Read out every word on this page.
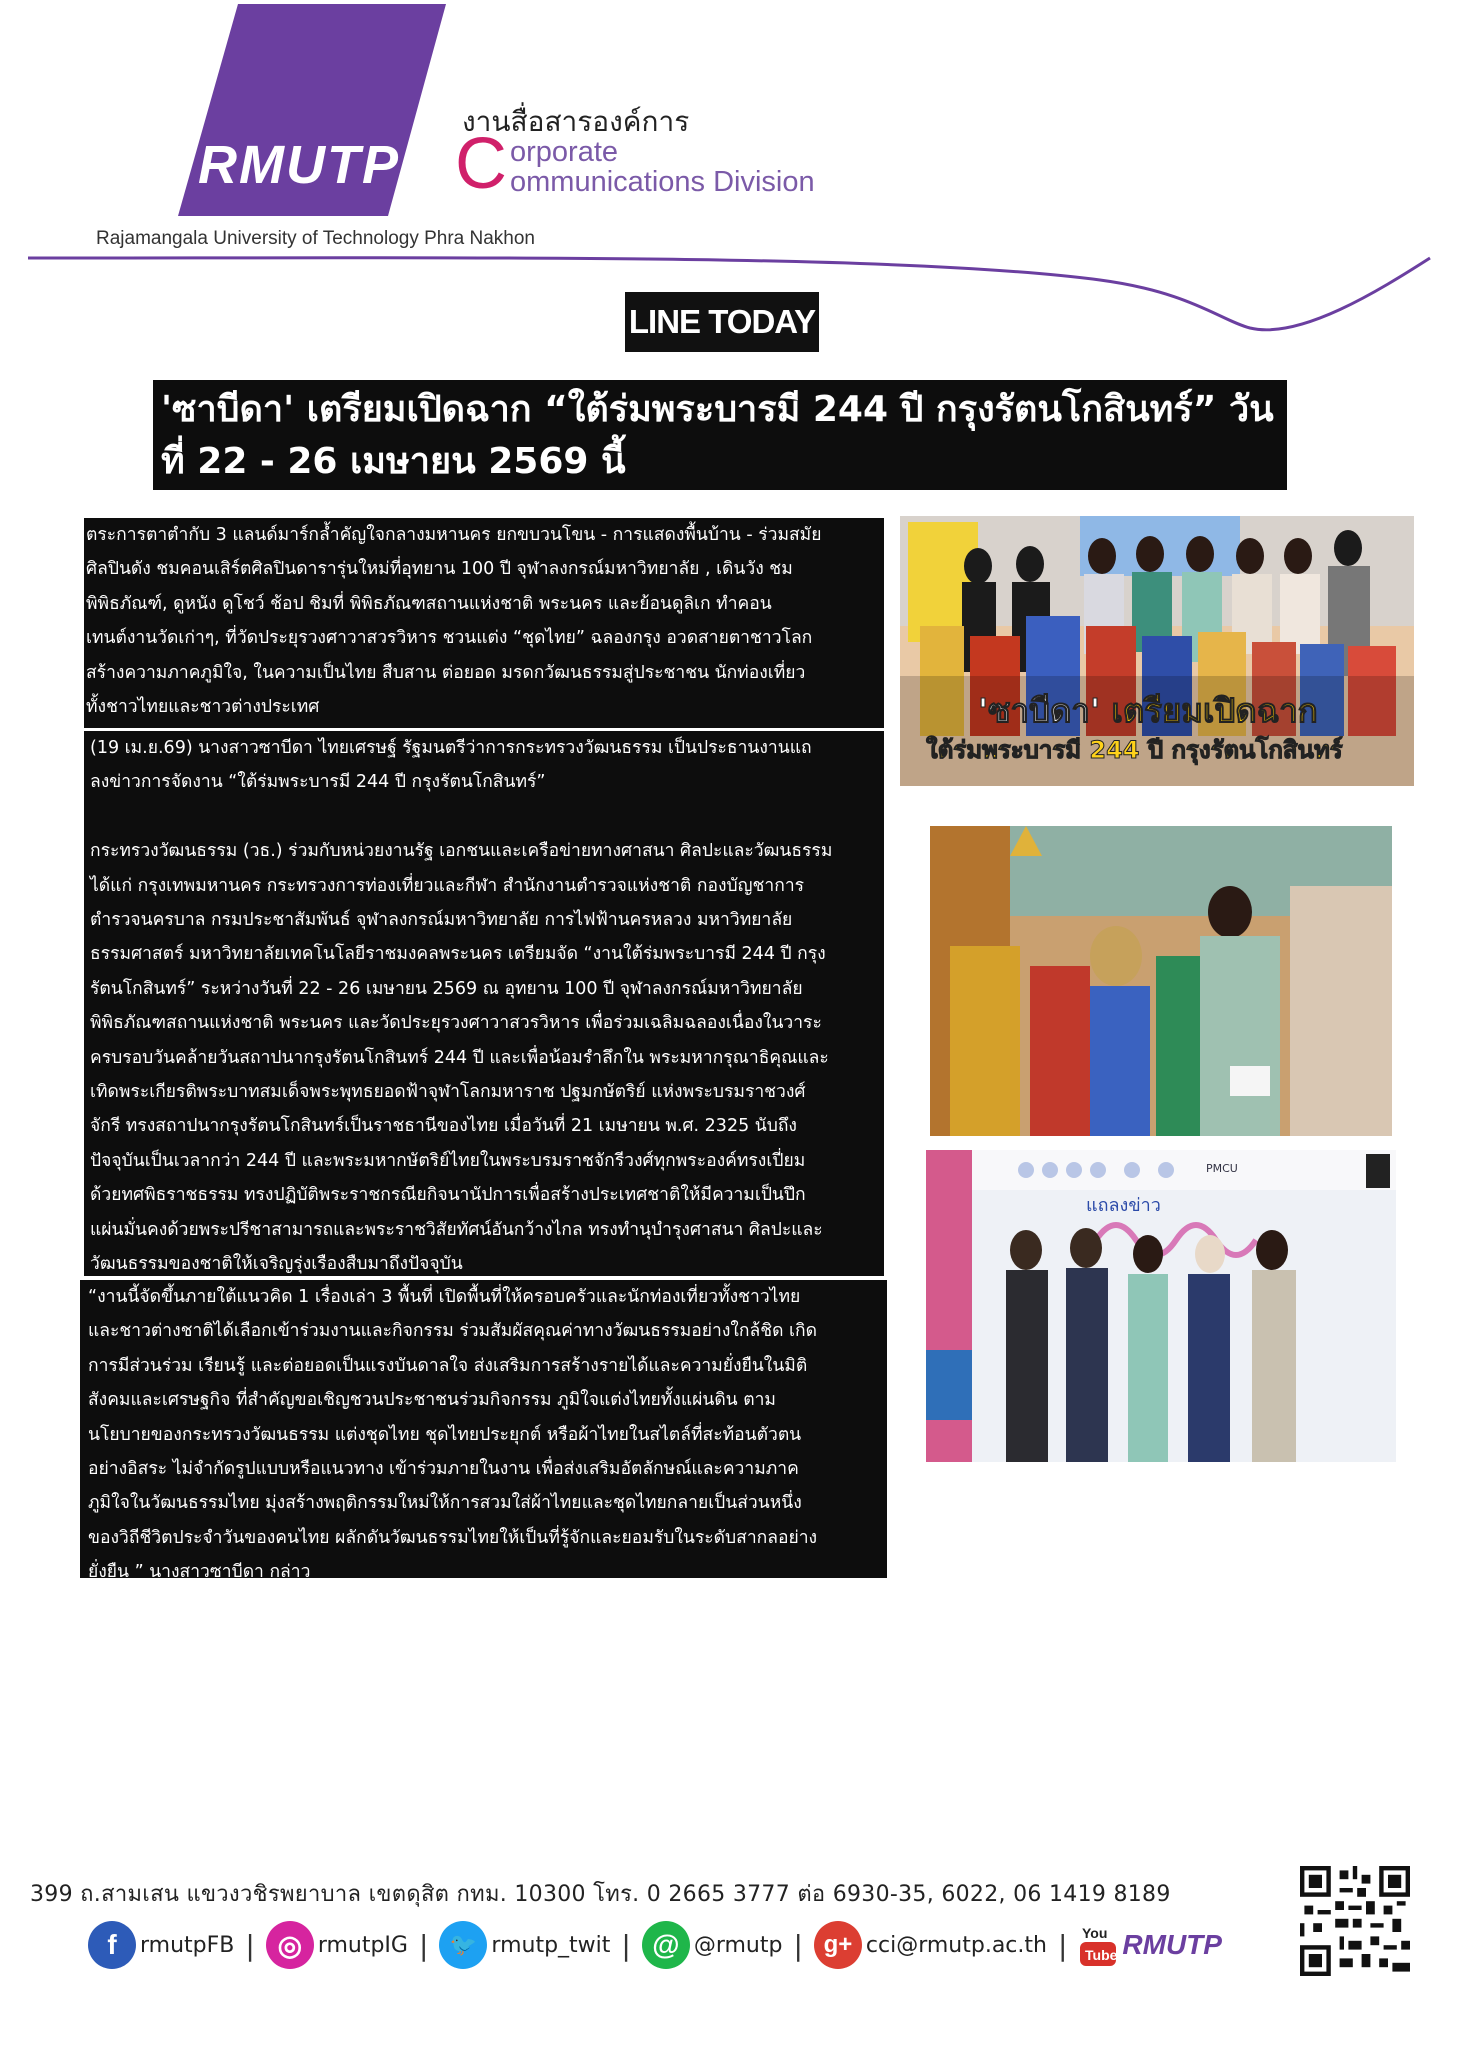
RMUTP
Rajamangala University of Technology Phra Nakhon
งานสื่อสารองค์การ
C orporate
ommunications Division
LINE TODAY
'ซาบีดา' เตรียมเปิดฉาก “ใต้ร่มพระบารมี 244 ปี กรุงรัตนโกสินทร์” วันที่ 22 - 26 เมษายน 2569 นี้

ตระการตาตำกับ 3 แลนด์มาร์กล้ำคัญใจกลางมหานคร ยกขบวนโขน - การแสดงพื้นบ้าน - ร่วมสมัย

ศิลปินดัง ชมคอนเสิร์ตศิลปินดารารุ่นใหม่ที่อุทยาน 100 ปี จุฬาลงกรณ์มหาวิทยาลัย , เดินวัง ชม

พิพิธภัณฑ์, ดูหนัง ดูโชว์ ช้อป ชิมที่ พิพิธภัณฑสถานแห่งชาติ พระนคร และย้อนดูลิเก ทำคอน

เทนต์งานวัดเก่าๆ, ที่วัดประยุรวงศาวาสวรวิหาร ชวนแต่ง “ชุดไทย” ฉลองกรุง อวดสายตาชาวโลก

สร้างความภาคภูมิใจ, ในความเป็นไทย สืบสาน ต่อยอด มรดกวัฒนธรรมสู่ประชาชน นักท่องเที่ยว

ทั้งชาวไทยและชาวต่างประเทศ

(19 เม.ย.69) นางสาวซาบีดา ไทยเศรษฐ์ รัฐมนตรีว่าการกระทรวงวัฒนธรรม เป็นประธานงานแถ

ลงข่าวการจัดงาน “ใต้ร่มพระบารมี 244 ปี กรุงรัตนโกสินทร์”

กระทรวงวัฒนธรรม (วธ.) ร่วมกับหน่วยงานรัฐ เอกชนและเครือข่ายทางศาสนา ศิลปะและวัฒนธรรม

ได้แก่ กรุงเทพมหานคร กระทรวงการท่องเที่ยวและกีฬา สำนักงานตำรวจแห่งชาติ กองบัญชาการ

ตำรวจนครบาล กรมประชาสัมพันธ์ จุฬาลงกรณ์มหาวิทยาลัย การไฟฟ้านครหลวง มหาวิทยาลัย

ธรรมศาสตร์ มหาวิทยาลัยเทคโนโลยีราชมงคลพระนคร เตรียมจัด “งานใต้ร่มพระบารมี 244 ปี กรุง

รัตนโกสินทร์” ระหว่างวันที่ 22 - 26 เมษายน 2569 ณ อุทยาน 100 ปี จุฬาลงกรณ์มหาวิทยาลัย

พิพิธภัณฑสถานแห่งชาติ พระนคร และวัดประยุรวงศาวาสวรวิหาร เพื่อร่วมเฉลิมฉลองเนื่องในวาระ

ครบรอบวันคล้ายวันสถาปนากรุงรัตนโกสินทร์ 244 ปี และเพื่อน้อมรำลึกใน พระมหากรุณาธิคุณและ

เทิดพระเกียรติพระบาทสมเด็จพระพุทธยอดฟ้าจุฬาโลกมหาราช ปฐมกษัตริย์ แห่งพระบรมราชวงศ์

จักรี ทรงสถาปนากรุงรัตนโกสินทร์เป็นราชธานีของไทย เมื่อวันที่ 21 เมษายน พ.ศ. 2325 นับถึง

ปัจจุบันเป็นเวลากว่า 244 ปี และพระมหากษัตริย์ไทยในพระบรมราชจักรีวงศ์ทุกพระองค์ทรงเปี่ยม

ด้วยทศพิธราชธรรม ทรงปฏิบัติพระราชกรณียกิจนานัปการเพื่อสร้างประเทศชาติให้มีความเป็นปึก

แผ่นมั่นคงด้วยพระปรีชาสามารถและพระราชวิสัยทัศน์อันกว้างไกล ทรงทำนุบำรุงศาสนา ศิลปะและ

วัฒนธรรมของชาติให้เจริญรุ่งเรืองสืบมาถึงปัจจุบัน

“งานนี้จัดขึ้นภายใต้แนวคิด 1 เรื่องเล่า 3 พื้นที่ เปิดพื้นที่ให้ครอบครัวและนักท่องเที่ยวทั้งชาวไทย

และชาวต่างชาติได้เลือกเข้าร่วมงานและกิจกรรม ร่วมสัมผัสคุณค่าทางวัฒนธรรมอย่างใกล้ชิด เกิด

การมีส่วนร่วม เรียนรู้ และต่อยอดเป็นแรงบันดาลใจ ส่งเสริมการสร้างรายได้และความยั่งยืนในมิติ

สังคมและเศรษฐกิจ ที่สำคัญขอเชิญชวนประชาชนร่วมกิจกรรม ภูมิใจแต่งไทยทั้งแผ่นดิน ตาม

นโยบายของกระทรวงวัฒนธรรม แต่งชุดไทย ชุดไทยประยุกต์ หรือผ้าไทยในสไตล์ที่สะท้อนตัวตน

อย่างอิสระ ไม่จำกัดรูปแบบหรือแนวทาง เข้าร่วมภายในงาน เพื่อส่งเสริมอัตลักษณ์และความภาค

ภูมิใจในวัฒนธรรมไทย มุ่งสร้างพฤติกรรมใหม่ให้การสวมใส่ผ้าไทยและชุดไทยกลายเป็นส่วนหนึ่ง

ของวิถีชีวิตประจำวันของคนไทย ผลักดันวัฒนธรรมไทยให้เป็นที่รู้จักและยอมรับในระดับสากลอย่าง

ยั่งยืน ” นางสาวซาบีดา กล่าว

'ซาบีดา' เตรียมเปิดฉาก
ใต้ร่มพระบารมี 244 ปี กรุงรัตนโกสินทร์
แถลงข่าว
PMCU
399 ถ.สามเสน แขวงวชิรพยาบาล เขตดุสิต กทม. 10300 โทร. 0 2665 3777 ต่อ 6930-35, 6022, 06 1419 8189
f	rmutpFB | ◎ rmutpIG | 🐦 rmutp_twit | @ @rmutp | g+ cci@rmutp.ac.th | You
Tube RMUTP
